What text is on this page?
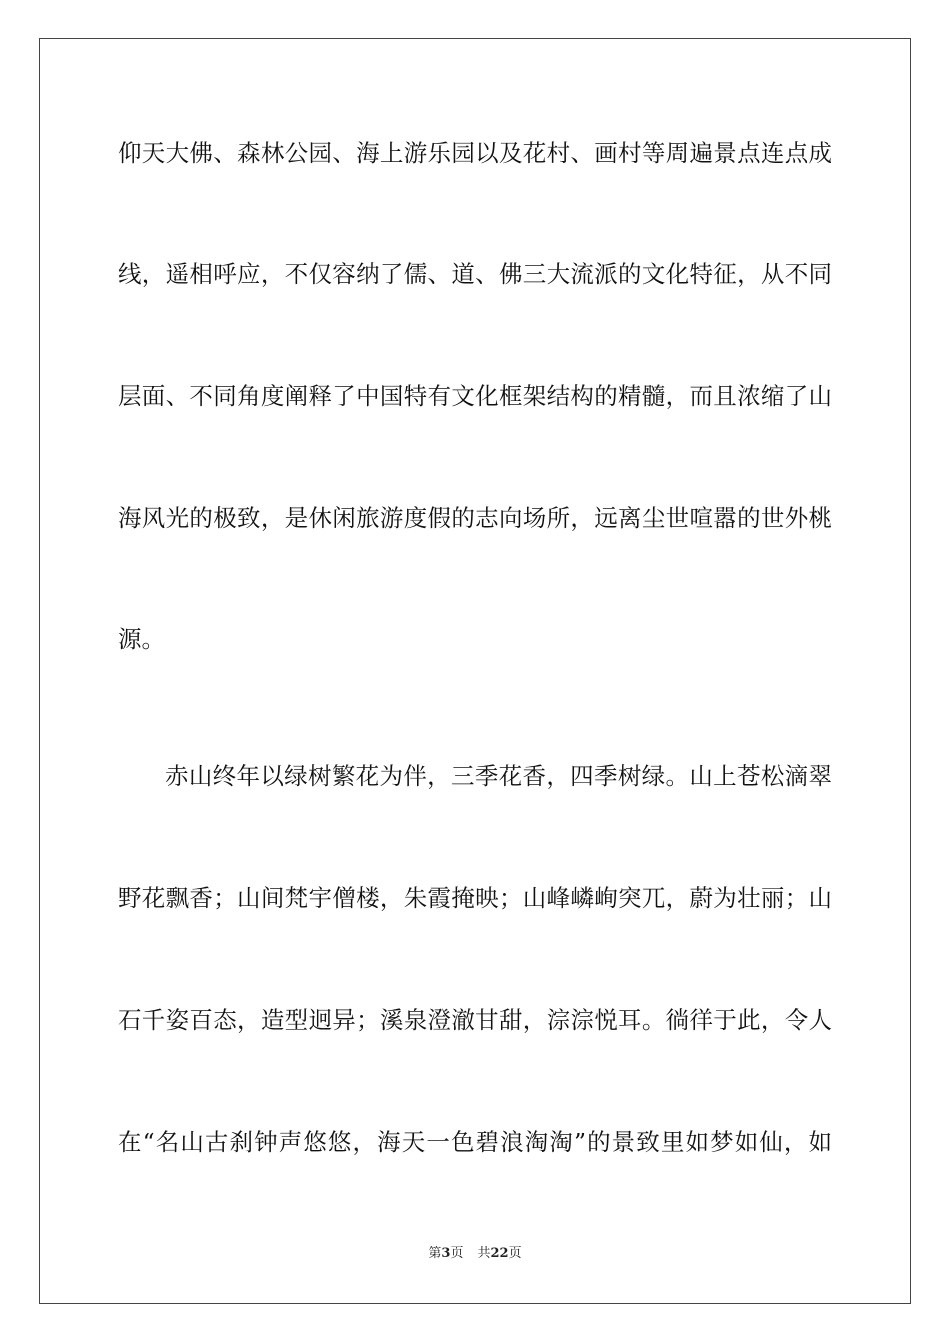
仰天大佛、森林公园、海上游乐园以及花村、画村等周遍景点连点成
线，遥相呼应，不仅容纳了儒、道、佛三大流派的文化特征，从不同
层面、不同角度阐释了中国特有文化框架结构的精髓，而且浓缩了山
海风光的极致，是休闲旅游度假的志向场所，远离尘世喧嚣的世外桃
源。
赤山终年以绿树繁花为伴，三季花香，四季树绿。山上苍松滴翠
野花飘香；山间梵宇僧楼，朱霞掩映；山峰嶙峋突兀，蔚为壮丽；山
石千姿百态，造型迥异；溪泉澄澈甘甜，淙淙悦耳。徜徉于此，令人
在“名山古刹钟声悠悠，海天一色碧浪淘淘”的景致里如梦如仙，如
第3页 共22页
